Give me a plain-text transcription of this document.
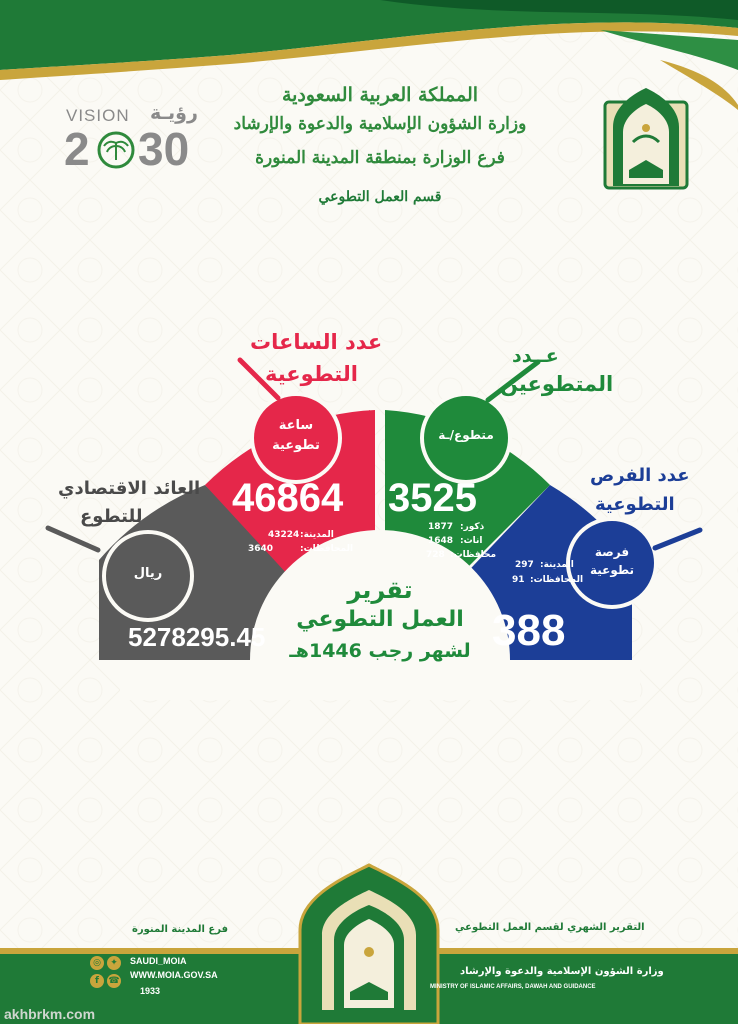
VISION رؤيـة
2 30
المملكة العربية السعودية
وزارة الشؤون الإسلامية والدعوة والإرشاد
فرع الوزارة بمنطقة المدينة المنورة
قسم العمل التطوعي
عدد الساعات
التطوعية
ساعة
تطوعية
46864
المدينة:
43224
المحافظات:
3640
عــدد
المتطوعين
متطوع/ـة
3525
ذكور:
1877
اناث:
1648
محافظات:
728
عدد الفرص
التطوعية
فرصة
تطوعية
المدينة:
297
المحافظات:
91
388
العائد الاقتصادي
للتطوع
ريال
5278295.45
تقرير
العمل التطوعي
لشهر رجب 1446هـ
فرع المدينة المنورة	التقرير الشهري لقسم العمل التطوعي
◎	✦
f	☎
SAUDI_MOIA
WWW.MOIA.GOV.SA
1933
وزارة الشؤون الإسلامية والدعوة والإرشاد
MINISTRY OF ISLAMIC AFFAIRS, DAWAH AND GUIDANCE
akhbrkm.com
